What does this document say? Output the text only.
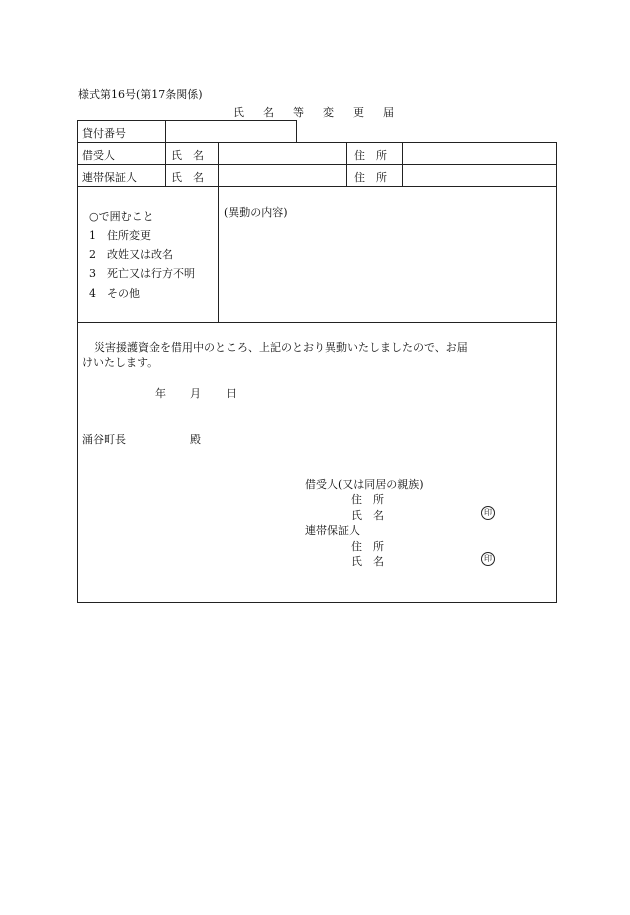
様式第16号(第17条関係)
氏名等変更届
貸付番号
借受人	氏　名	住　所
連帯保証人	氏　名	住　所
○で囲むこと
1　住所変更
2　改姓又は改名
3　死亡又は行方不明
4　その他
(異動の内容)
災害援護資金を借用中のところ、上記のとおり異動いたしましたので、お届
けいたします。
年 月 日
涌谷町長	殿
借受人(又は同居の親族)
住　所
氏　名	印
連帯保証人
住　所
氏　名	印
